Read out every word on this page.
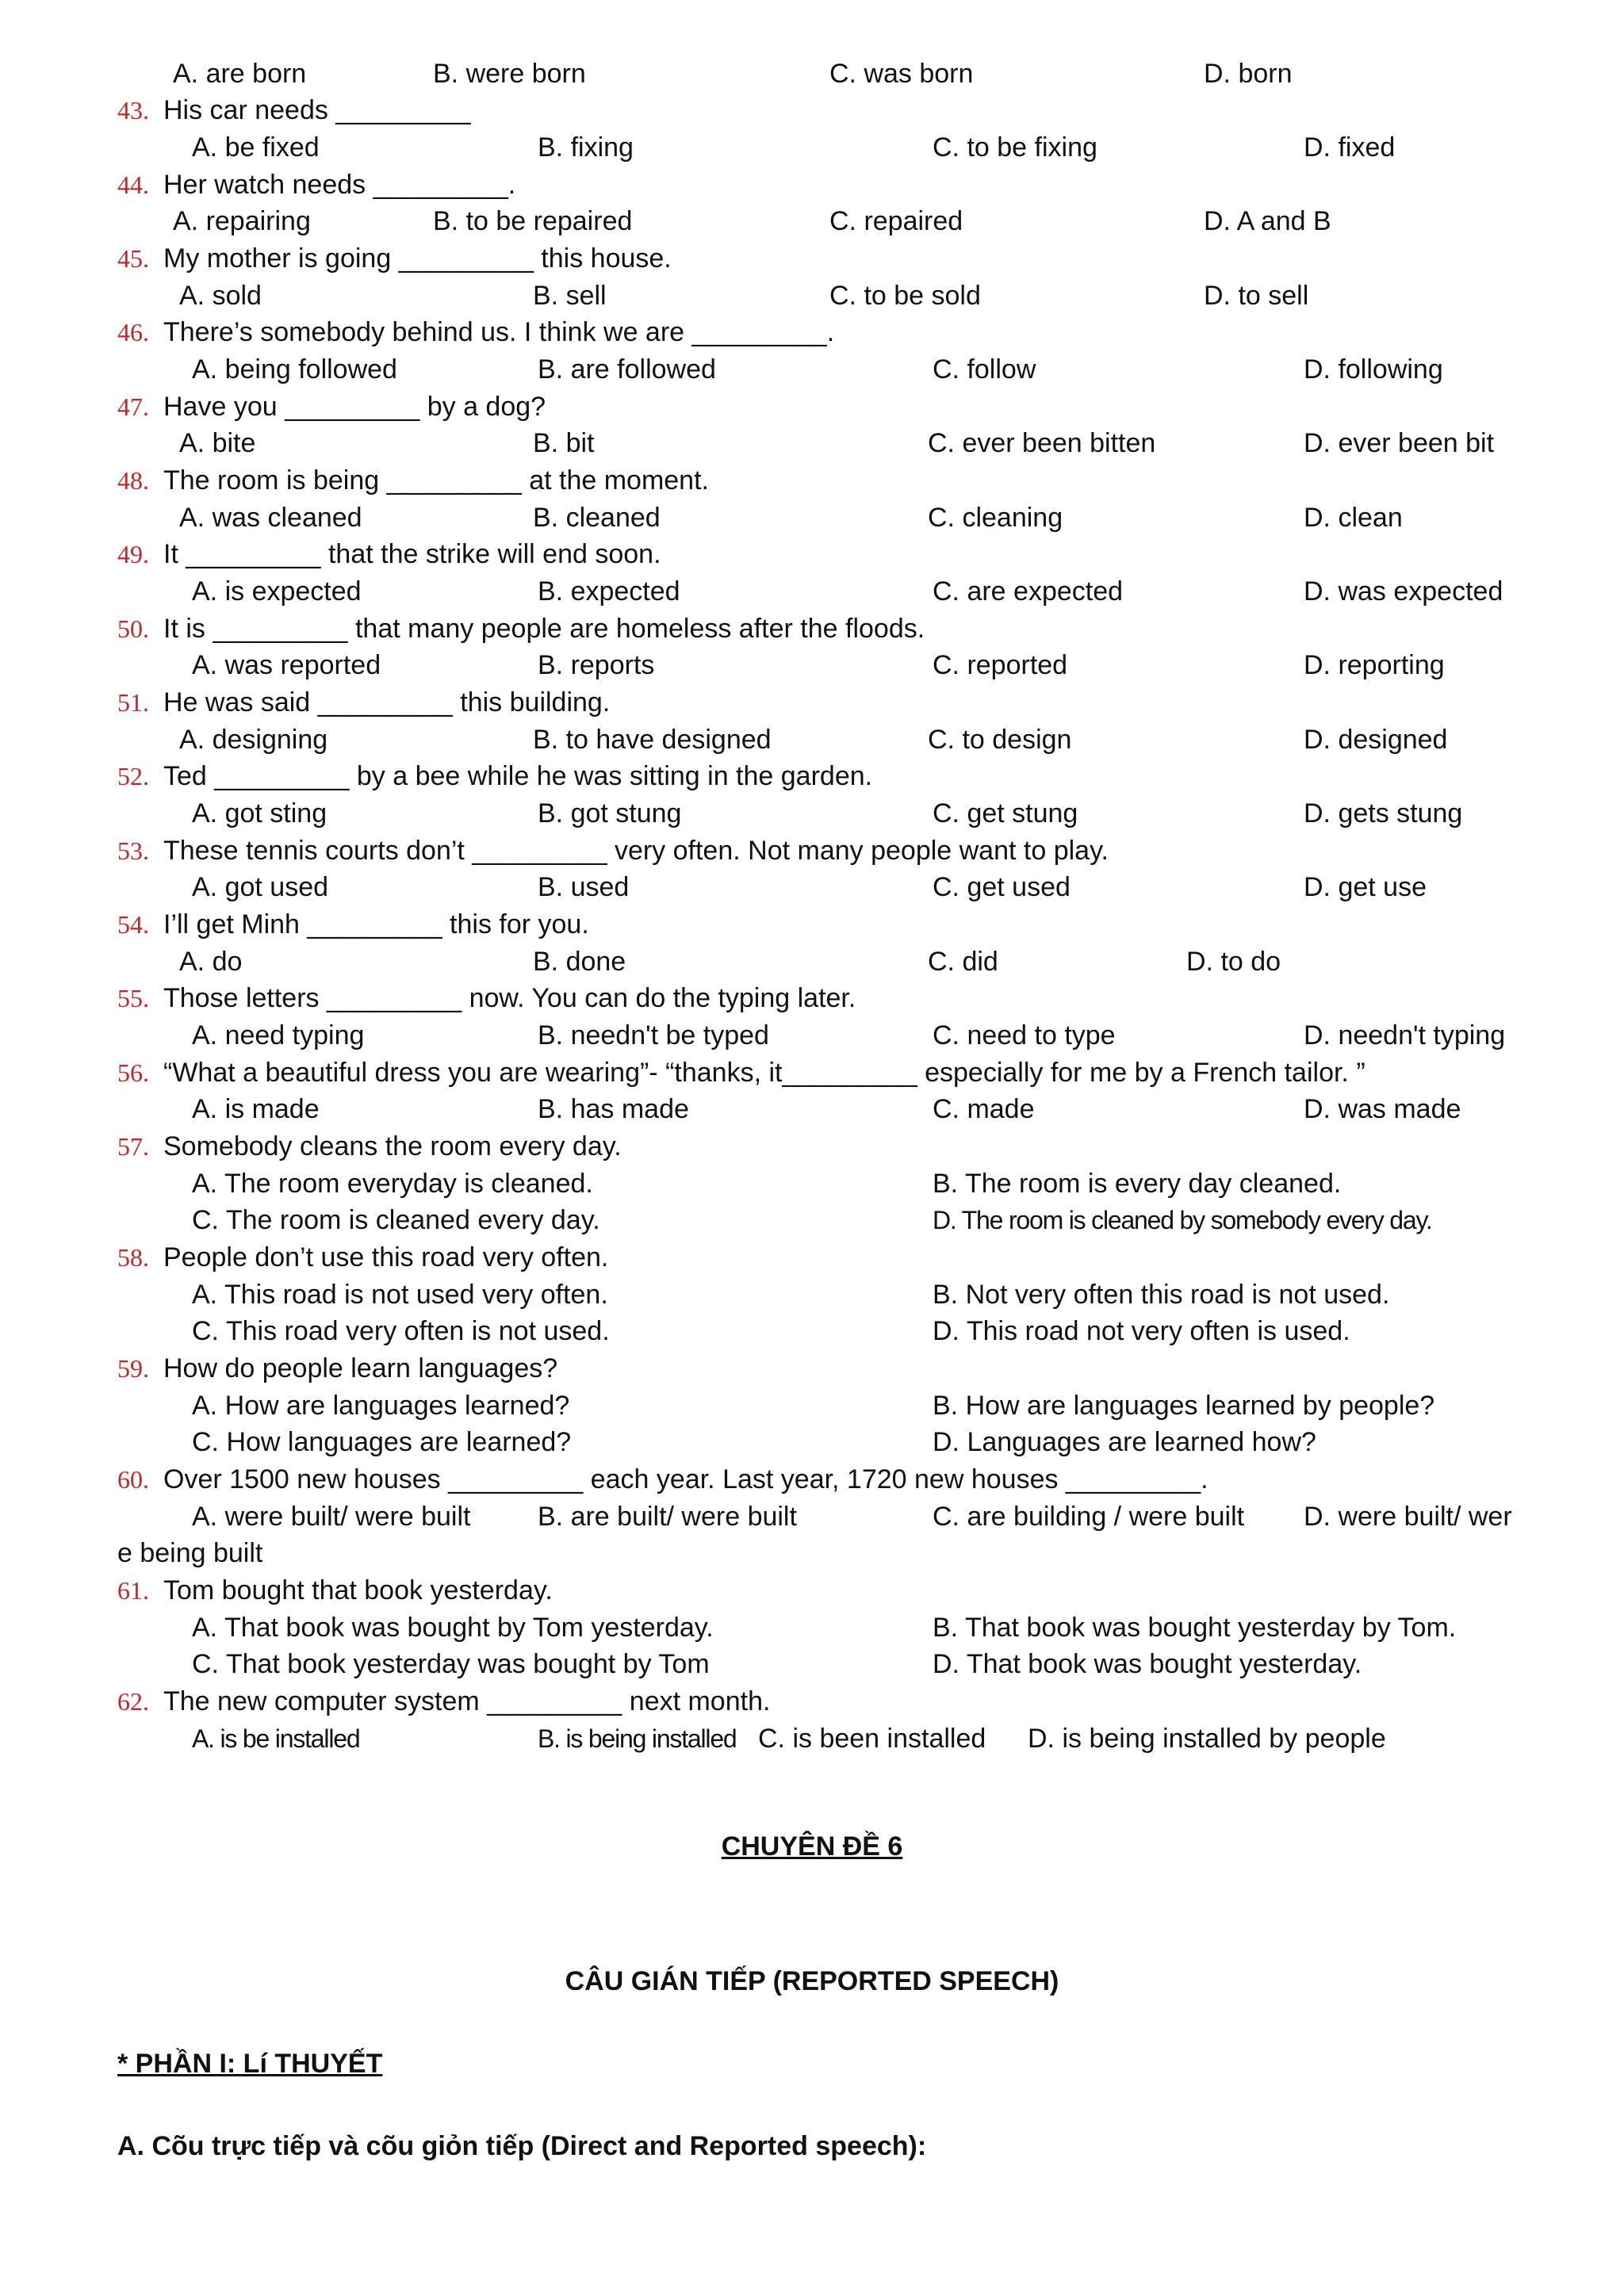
A. are born	B. were born	C. was born	D. born
43. His car needs _________
A. be fixed	B. fixing	C. to be fixing	D. fixed
44. Her watch needs _________.
A. repairing	B. to be repaired	C. repaired	D. A and B
45. My mother is going _________ this house.
A. sold	B. sell	C. to be sold	D. to sell
46. There’s somebody behind us. I think we are _________.
A. being followed	B. are followed	C. follow	D. following
47. Have you _________ by a dog?
A. bite	B. bit	C. ever been bitten	D. ever been bit
48. The room is being _________ at the moment.
A. was cleaned	B. cleaned	C. cleaning	D. clean
49. It _________ that the strike will end soon.
A. is expected	B. expected	C. are expected	D. was expected
50. It is _________ that many people are homeless after the floods.
A. was reported	B. reports	C. reported	D. reporting
51. He was said _________ this building.
A. designing	B. to have designed	C. to design	D. designed
52. Ted _________ by a bee while he was sitting in the garden.
A. got sting	B. got stung	C. get stung	D. gets stung
53. These tennis courts don’t _________ very often. Not many people want to play.
A. got used	B. used	C. get used	D. get use
54. I’ll get Minh _________ this for you.
A. do	B. done	C. did	D. to do
55. Those letters _________ now. You can do the typing later.
A. need typing	B. needn't be typed	C. need to type	D. needn't typing
56. “What a beautiful dress you are wearing”- “thanks, it_________ especially for me by a French tailor. ”
A. is made	B. has made	C. made	D. was made
57. Somebody cleans the room every day.
A. The room everyday is cleaned.	B. The room is every day cleaned.
C. The room is cleaned every day.	D. The room is cleaned by somebody every day.
58. People don’t use this road very often.
A. This road is not used very often.	B. Not very often this road is not used.
C. This road very often is not used.	D. This road not very often is used.
59. How do people learn languages?
A. How are languages learned?	B. How are languages learned by people?
C. How languages are learned?	D. Languages are learned how?
60. Over 1500 new houses _________ each year. Last year, 1720 new houses _________.
A. were built/ were built B. are built/ were built	C. are building / were built D. were built/ wer
e being built
61. Tom bought that book yesterday.
A. That book was bought by Tom yesterday.	B. That book was bought yesterday by Tom.
C. That book yesterday was bought by Tom	D. That book was bought yesterday.
62. The new computer system _________ next month.
A. is be installed	B. is being installed C. is been installed D. is being installed by people
CHUYÊN ĐỀ 6
CÂU GIÁN TIẾP (REPORTED SPEECH)
* PHẦN I: Lí THUYẾT
A. Cõu trực tiếp và cõu giỏn tiếp (Direct and Reported speech):
